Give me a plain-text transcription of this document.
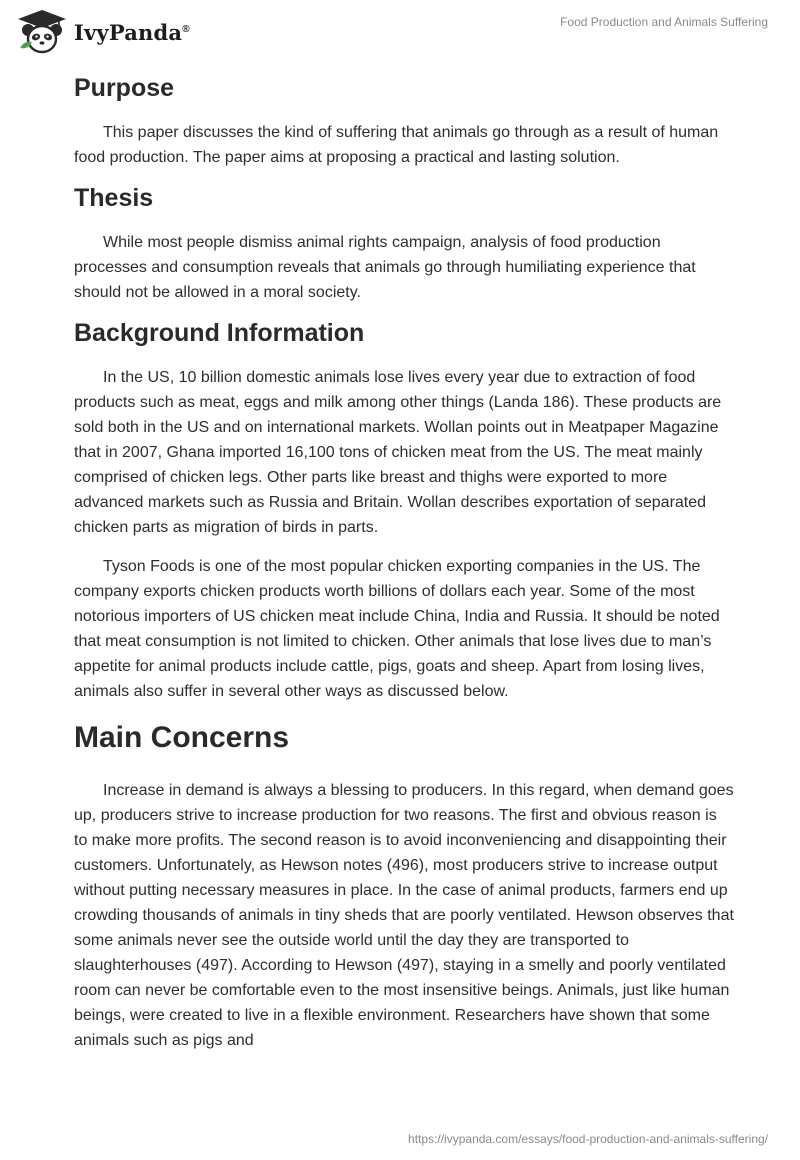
IvyPanda®	Food Production and Animals Suffering
Purpose

This paper discusses the kind of suffering that animals go through as a result of human food production. The paper aims at proposing a practical and lasting solution.

Thesis

While most people dismiss animal rights campaign, analysis of food production processes and consumption reveals that animals go through humiliating experience that should not be allowed in a moral society.

Background Information

In the US, 10 billion domestic animals lose lives every year due to extraction of food products such as meat, eggs and milk among other things (Landa 186). These products are sold both in the US and on international markets. Wollan points out in Meatpaper Magazine that in 2007, Ghana imported 16,100 tons of chicken meat from the US. The meat mainly comprised of chicken legs. Other parts like breast and thighs were exported to more advanced markets such as Russia and Britain. Wollan describes exportation of separated chicken parts as migration of birds in parts.

Tyson Foods is one of the most popular chicken exporting companies in the US. The company exports chicken products worth billions of dollars each year. Some of the most notorious importers of US chicken meat include China, India and Russia. It should be noted that meat consumption is not limited to chicken. Other animals that lose lives due to man’s appetite for animal products include cattle, pigs, goats and sheep. Apart from losing lives, animals also suffer in several other ways as discussed below.

Main Concerns

Increase in demand is always a blessing to producers. In this regard, when demand goes up, producers strive to increase production for two reasons. The first and obvious reason is to make more profits. The second reason is to avoid inconveniencing and disappointing their customers. Unfortunately, as Hewson notes (496), most producers strive to increase output without putting necessary measures in place. In the case of animal products, farmers end up crowding thousands of animals in tiny sheds that are poorly ventilated. Hewson observes that some animals never see the outside world until the day they are transported to slaughterhouses (497). According to Hewson (497), staying in a smelly and poorly ventilated room can never be comfortable even to the most insensitive beings. Animals, just like human beings, were created to live in a flexible environment. Researchers have shown that some animals such as pigs and

https://ivypanda.com/essays/food-production-and-animals-suffering/
